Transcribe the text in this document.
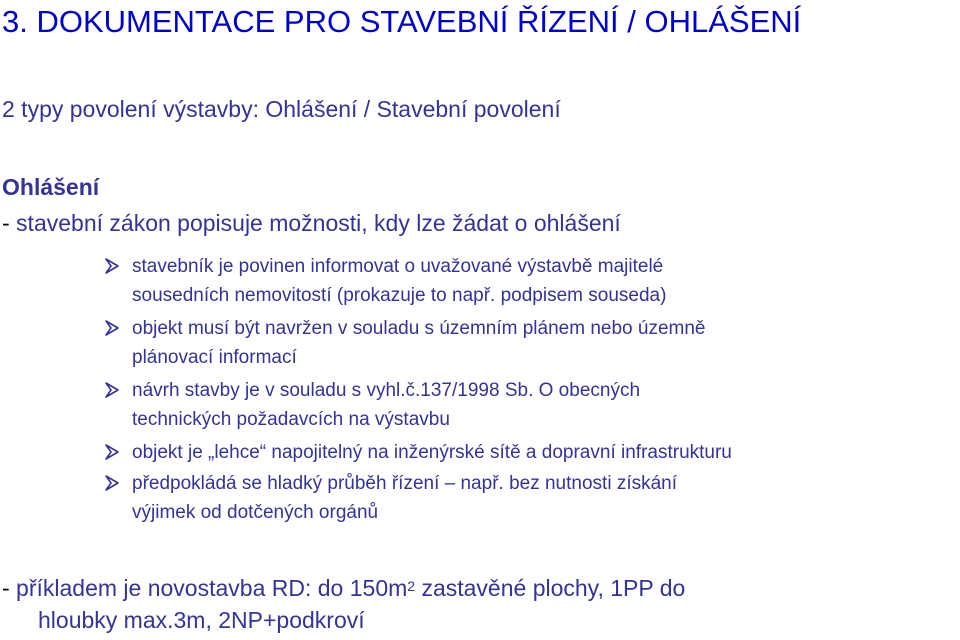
3. DOKUMENTACE PRO STAVEBNÍ ŘÍZENÍ / OHLÁŠENÍ
2 typy povolení výstavby: Ohlášení / Stavební povolení
Ohlášení
- stavební zákon popisuje možnosti, kdy lze žádat o ohlášení

stavebník je povinen informovat o uvažované výstavbě majitelé
sousedních nemovitostí (prokazuje to např. podpisem souseda)

objekt musí být navržen v souladu s územním plánem nebo územně
plánovací informací

návrh stavby je v souladu s vyhl.č.137/1998 Sb. O obecných
technických požadavcích na výstavbu

objekt je „lehce“ napojitelný na inženýrské sítě a dopravní infrastrukturu

předpokládá se hladký průběh řízení – např. bez nutnosti získání
výjimek od dotčených orgánů

- příkladem je novostavba RD: do $150m^2$ zastavěné plochy, 1PP do
hloubky max.3m, 2NP+podkroví
